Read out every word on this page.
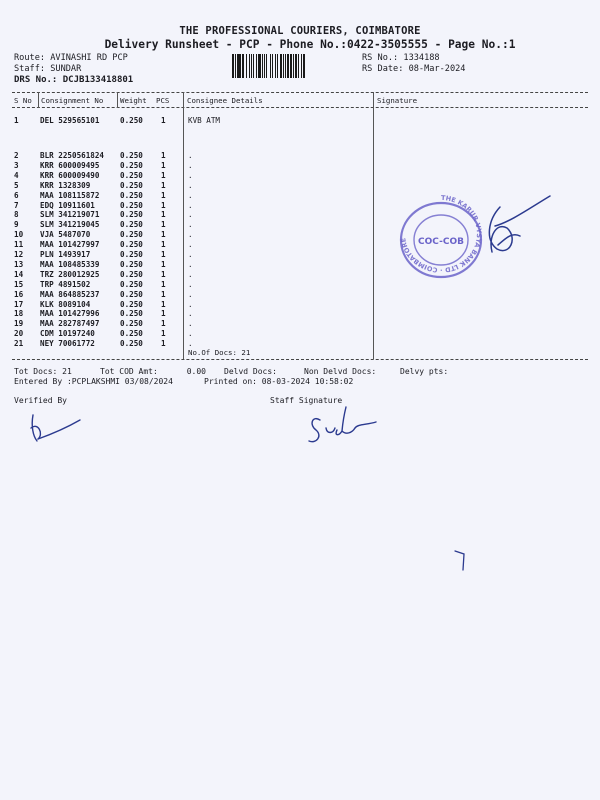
THE PROFESSIONAL COURIERS, COIMBATORE
Delivery Runsheet - PCP - Phone No.:0422-3505555 - Page No.:1
Route: AVINASHI RD PCP
Staff: SUNDAR
DRS No.: DCJB133418801
RS No.: 1334188
RS Date: 08-Mar-2024
S No Consignment No Weight PCS Consignee Details	Signature
1	DEL 529565101	0.250 1	KVB ATM
2	BLR 2250561824 0.250 1	.
3	KRR 600009495	0.250 1	.
4	KRR 600009490	0.250 1	.
5	KRR 1328309	0.250 1	.
6	MAA 108115872	0.250 1	.
7	EDQ 10911601	0.250 1	.
8	SLM 341219071	0.250 1	.
9	SLM 341219045	0.250 1	.
10 VJA 5487070	0.250 1	.
11 MAA 101427997	0.250 1	.
12 PLN 1493917	0.250 1	.
13 MAA 108485339	0.250 1	.
14 TRZ 280012925	0.250 1	.
15 TRP 4891502	0.250 1	.
16 MAA 864885237	0.250 1	.
17 KLK 8089104	0.250 1	.
18 MAA 101427996	0.250 1	.
19 MAA 282787497	0.250 1	.
20 CDM 10197240	0.250 1	.
21 NEY 70061772	0.250 1	.
No.Of Docs: 21
Tot Docs: 21	Tot COD Amt:      0.00 Delvd Docs:	Non Delvd Docs:	Delvy pts:
Entered By :PCPLAKSHMI 03/08/2024	Printed on: 08-03-2024 10:58:02
Verified By	Staff Signature
THE KARUR VYSYA BANK LTD · COIMBATORE	COC-COB
